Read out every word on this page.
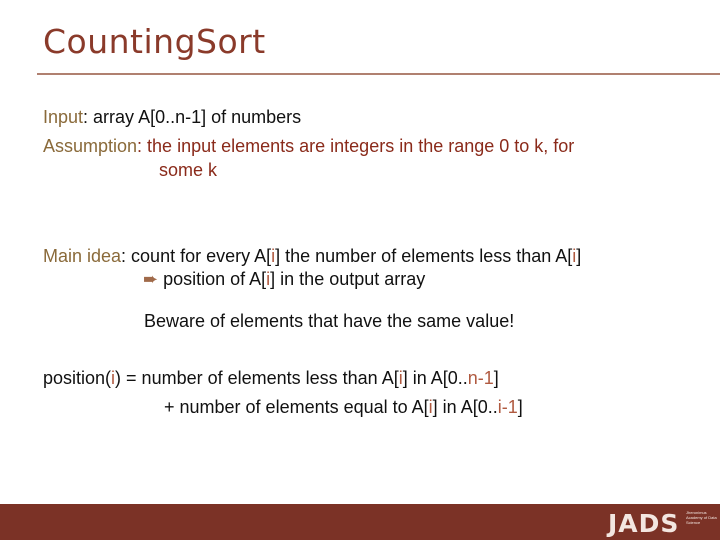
CountingSort
Input: array A[0..n-1] of numbers
Assumption: the input elements are integers in the range 0 to k, for
some k
Main idea: count for every A[i] the number of elements less than A[i]
➨ position of A[i] in the output array
Beware of elements that have the same value!
position(i) = number of elements less than A[i] in A[0..n-1]
+ number of elements equal to A[i] in A[0..i-1]
JADS Jheronimus Academy of Data Science
